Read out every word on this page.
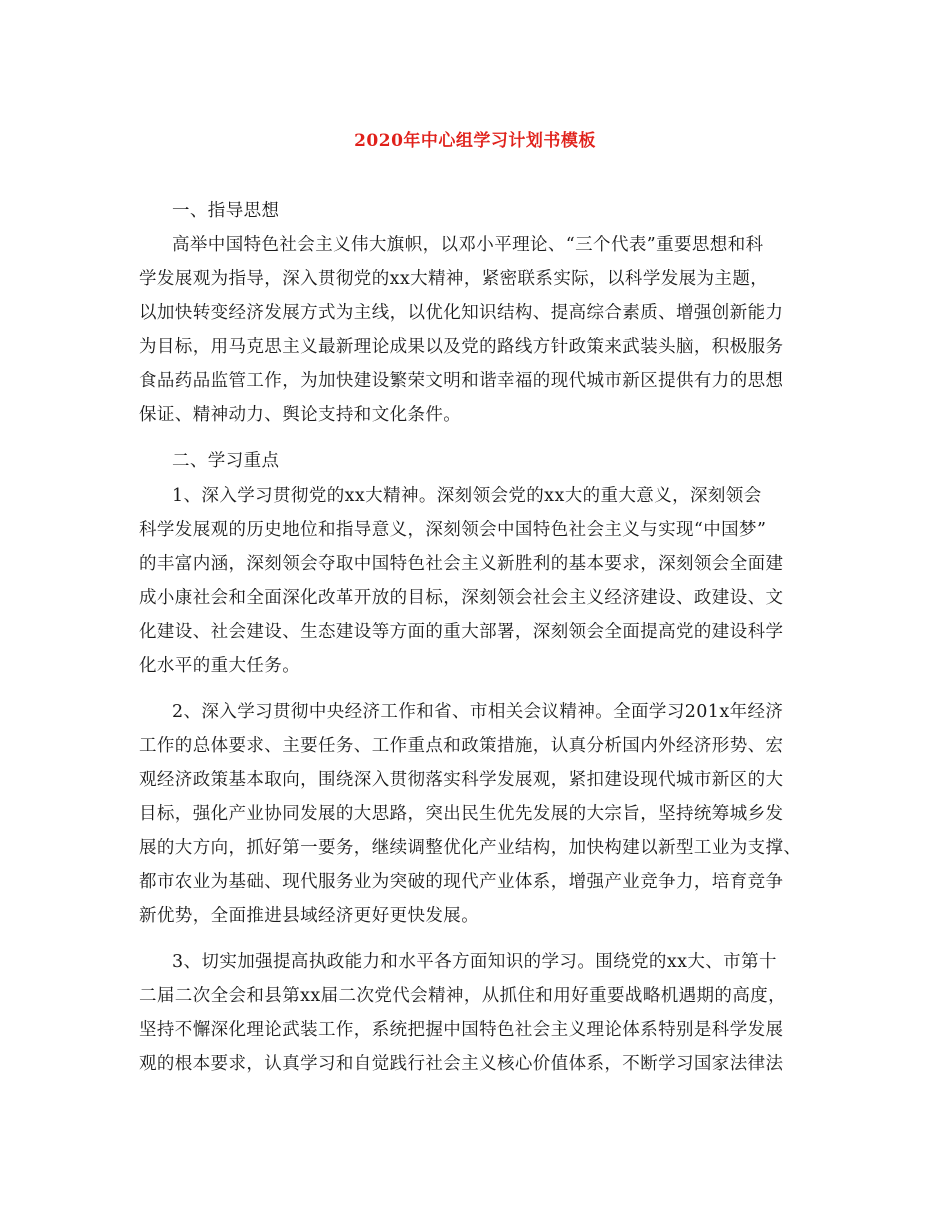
2020年中心组学习计划书模板
一、指导思想
高举中国特色社会主义伟大旗帜，以邓小平理论、“三个代表”重要思想和科
学发展观为指导，深入贯彻党的xx大精神，紧密联系实际，以科学发展为主题，
以加快转变经济发展方式为主线，以优化知识结构、提高综合素质、增强创新能力
为目标，用马克思主义最新理论成果以及党的路线方针政策来武装头脑，积极服务
食品药品监管工作，为加快建设繁荣文明和谐幸福的现代城市新区提供有力的思想
保证、精神动力、舆论支持和文化条件。
二、学习重点
1、深入学习贯彻党的xx大精神。深刻领会党的xx大的重大意义，深刻领会
科学发展观的历史地位和指导意义，深刻领会中国特色社会主义与实现“中国梦”
的丰富内涵，深刻领会夺取中国特色社会主义新胜利的基本要求，深刻领会全面建
成小康社会和全面深化改革开放的目标，深刻领会社会主义经济建设、政建设、文
化建设、社会建设、生态建设等方面的重大部署，深刻领会全面提高党的建设科学
化水平的重大任务。
2、深入学习贯彻中央经济工作和省、市相关会议精神。全面学习201x年经济
工作的总体要求、主要任务、工作重点和政策措施，认真分析国内外经济形势、宏
观经济政策基本取向，围绕深入贯彻落实科学发展观，紧扣建设现代城市新区的大
目标，强化产业协同发展的大思路，突出民生优先发展的大宗旨，坚持统筹城乡发
展的大方向，抓好第一要务，继续调整优化产业结构，加快构建以新型工业为支撑、
都市农业为基础、现代服务业为突破的现代产业体系，增强产业竞争力，培育竞争
新优势，全面推进县域经济更好更快发展。
3、切实加强提高执政能力和水平各方面知识的学习。围绕党的xx大、市第十
二届二次全会和县第xx届二次党代会精神，从抓住和用好重要战略机遇期的高度，
坚持不懈深化理论武装工作，系统把握中国特色社会主义理论体系特别是科学发展
观的根本要求，认真学习和自觉践行社会主义核心价值体系，不断学习国家法律法
